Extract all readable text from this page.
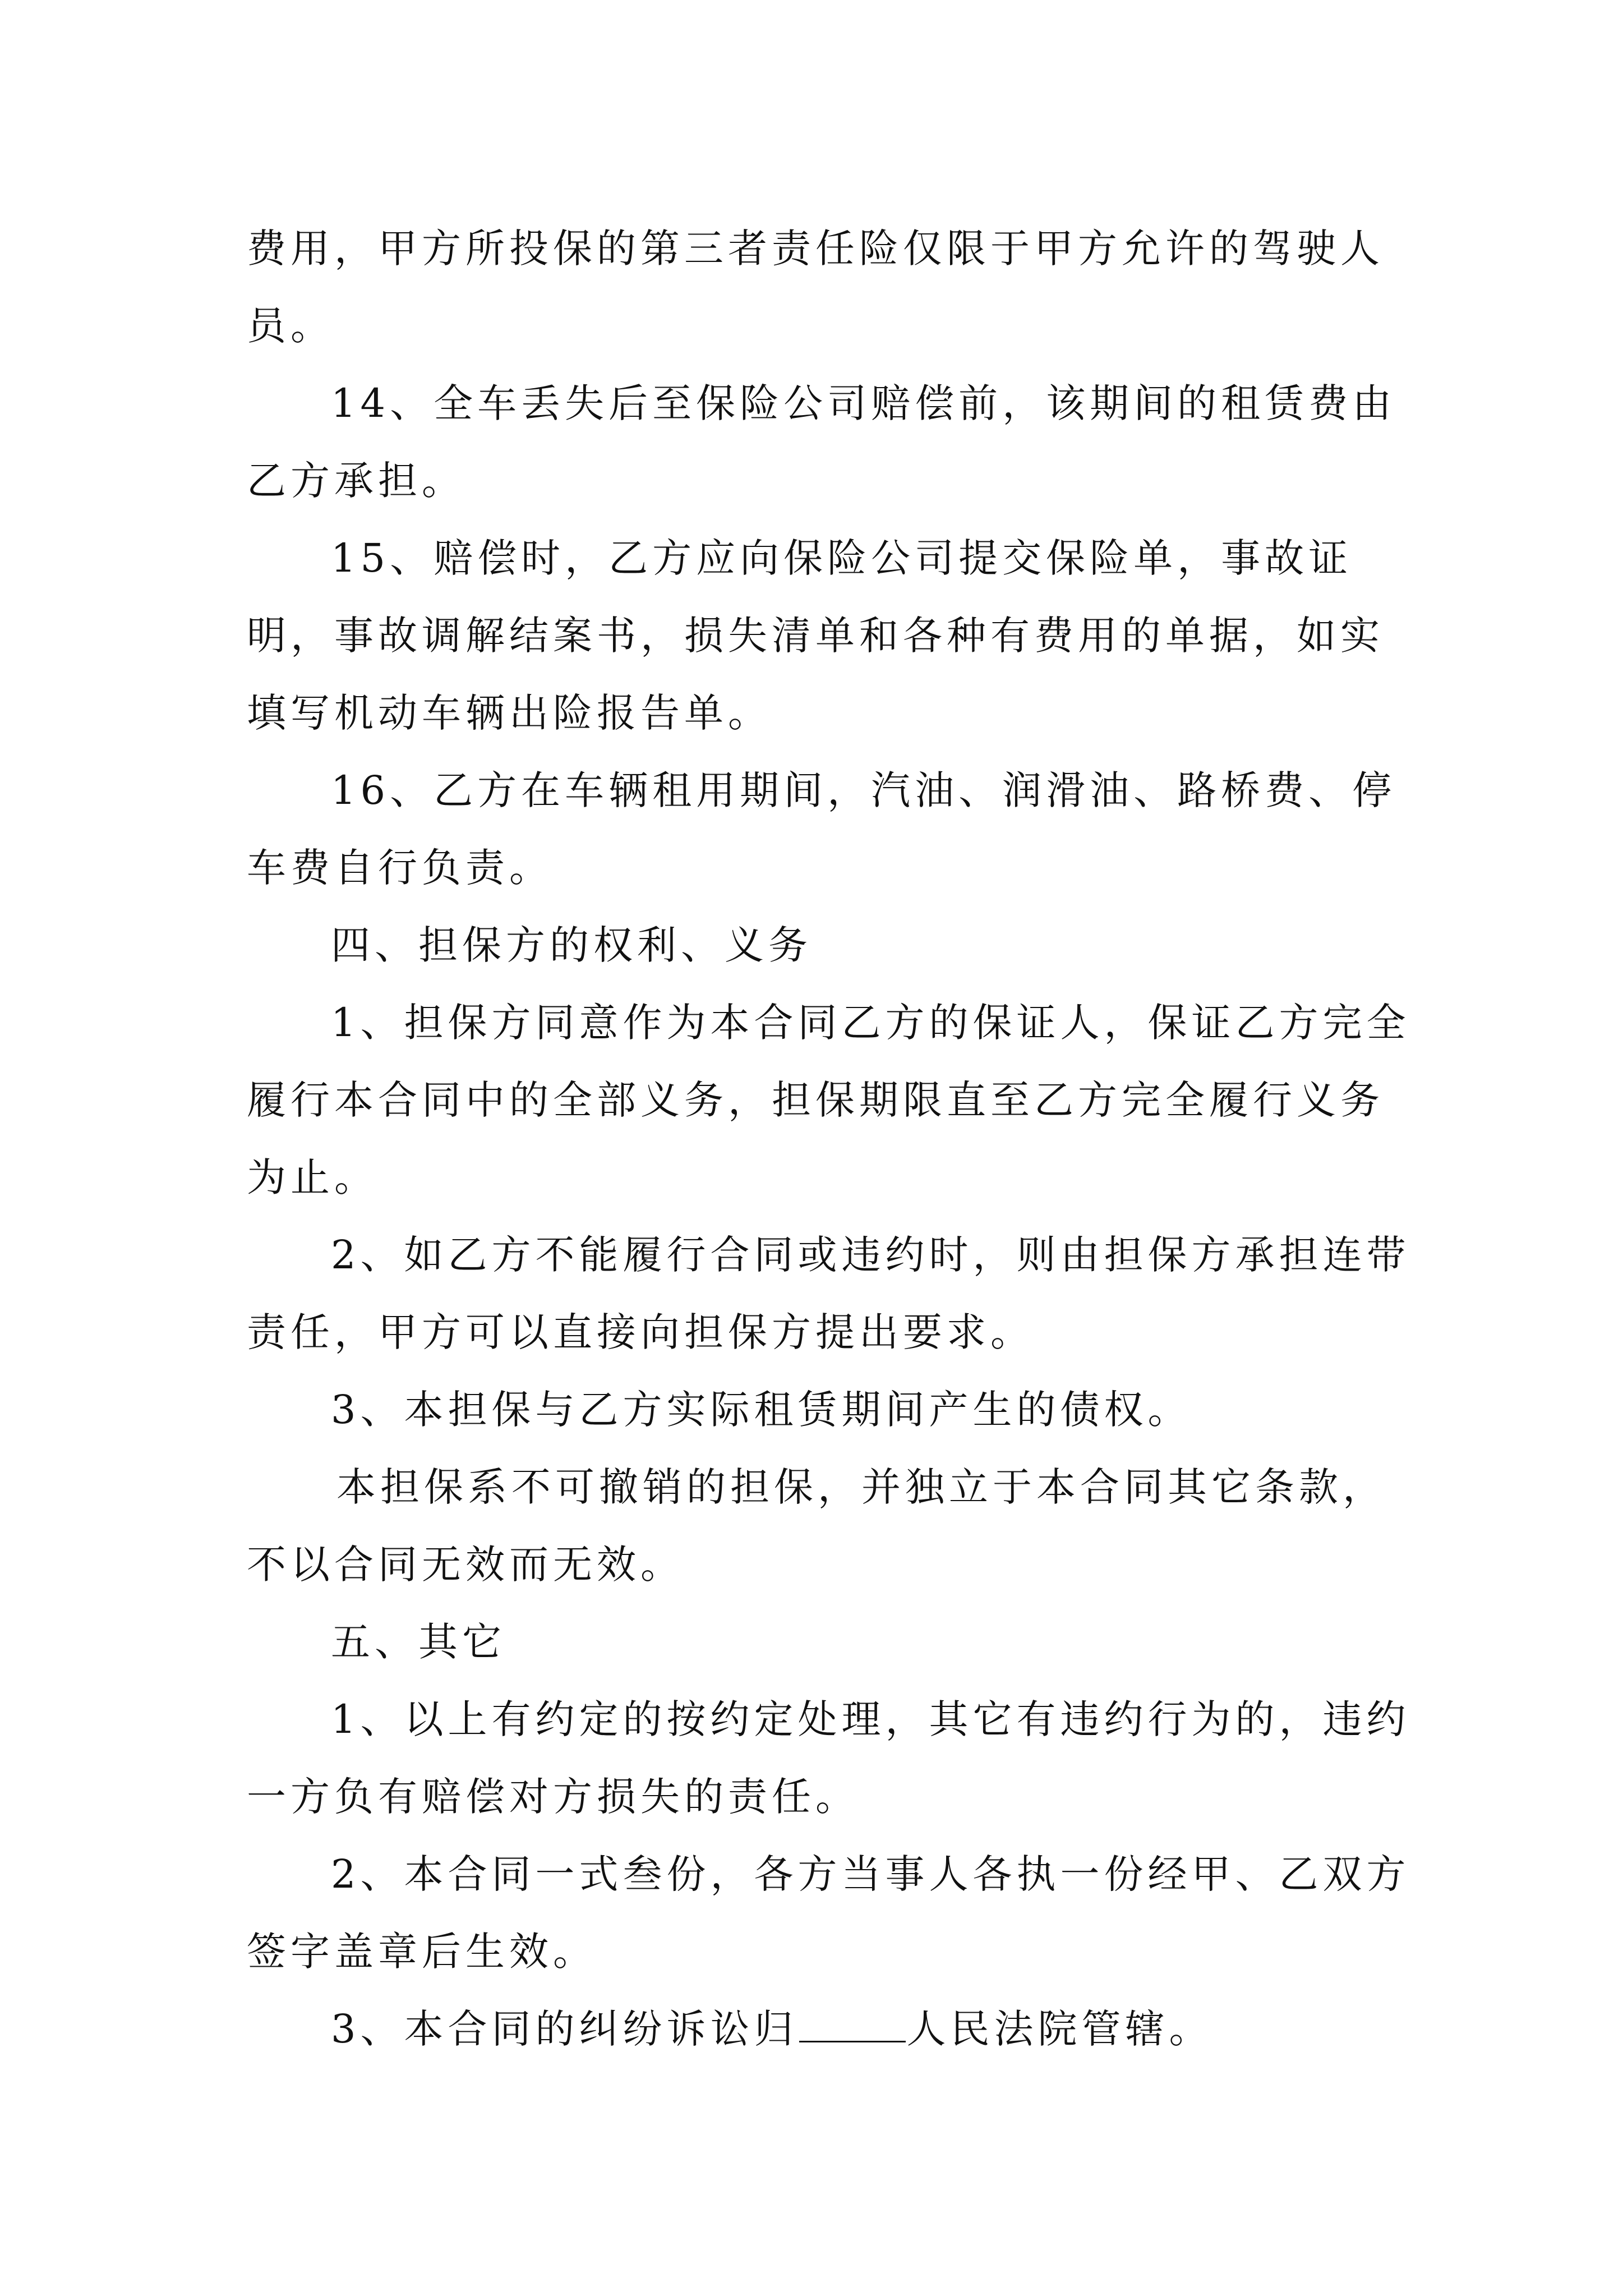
费用，甲方所投保的第三者责任险仅限于甲方允许的驾驶人员。

14、全车丢失后至保险公司赔偿前，该期间的租赁费由乙方承担。

15、赔偿时，乙方应向保险公司提交保险单，事故证明，事故调解结案书，损失清单和各种有费用的单据，如实填写机动车辆出险报告单。

16、乙方在车辆租用期间，汽油、润滑油、路桥费、停车费自行负责。

四、担保方的权利、义务

1、担保方同意作为本合同乙方的保证人，保证乙方完全履行本合同中的全部义务，担保期限直至乙方完全履行义务为止。

2、如乙方不能履行合同或违约时，则由担保方承担连带责任，甲方可以直接向担保方提出要求。

3、本担保与乙方实际租赁期间产生的债权。

本担保系不可撤销的担保，并独立于本合同其它条款，不以合同无效而无效。

五、其它

1、以上有约定的按约定处理，其它有违约行为的，违约一方负有赔偿对方损失的责任。

2、本合同一式叁份，各方当事人各执一份经甲、乙双方签字盖章后生效。

3、本合同的纠纷诉讼归	人民法院管辖。
